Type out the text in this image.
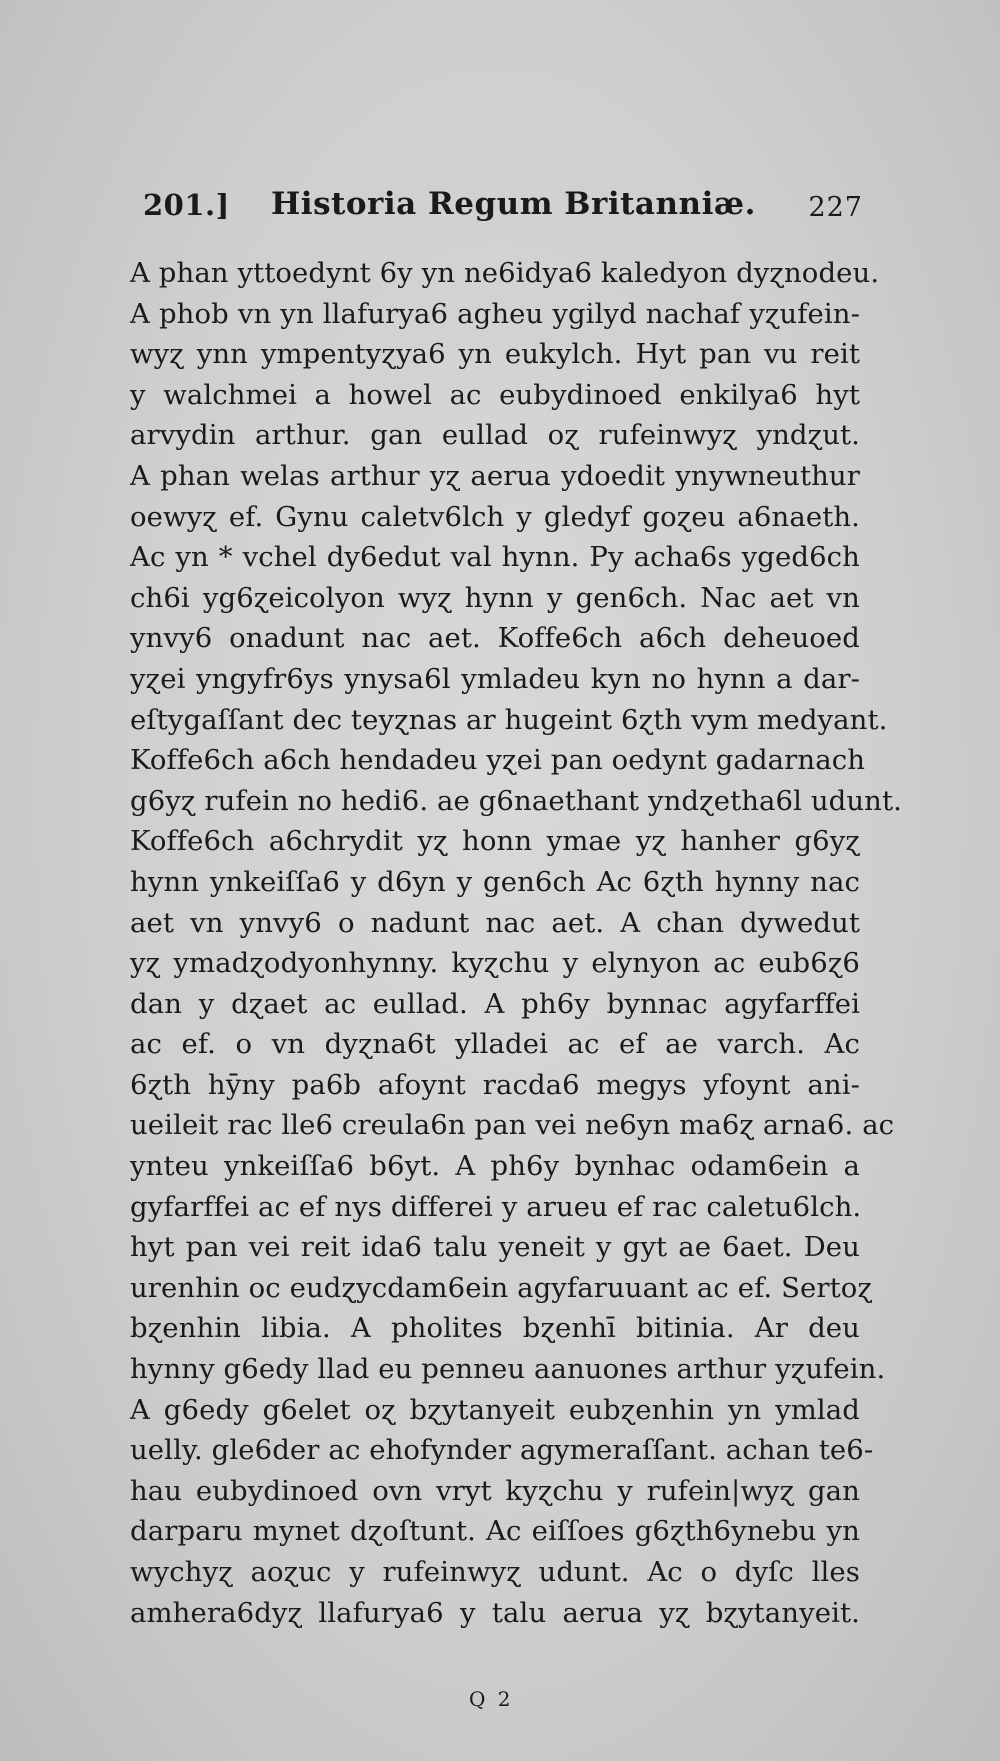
201.] Historia Regum Britanniæ. 227
A phan yttoedynt 6y yn ne6idya6 kaledyon dyɀnodeu.
A phob vn yn llafurya6 agheu ygilyd nachaf yɀufein-
wyɀ ynn ympentyɀya6 yn eukylch. Hyt pan vu reit
y walchmei a howel ac eubydinoed enkilya6 hyt
arvydin arthur. gan eullad oɀ rufeinwyɀ yndɀut.
A phan welas arthur yɀ aerua ydoedit ynywneuthur
oewyɀ ef. Gynu caletv6lch y gledyf goɀeu a6naeth.
Ac yn * vchel dy6edut val hynn. Py acha6s yged6ch
ch6i yg6ɀeicolyon wyɀ hynn y gen6ch. Nac aet vn
ynvy6 onadunt nac aet. Koffe6ch a6ch deheuoed
yɀei yngyfr6ys ynysa6l ymladeu kyn no hynn a dar-
eſtygaſſant dec teyɀnas ar hugeint 6ɀth vym medyant.
Koffe6ch a6ch hendadeu yɀei pan oedynt gadarnach
g6yɀ rufein no hedi6. ae g6naethant yndɀetha6l udunt.
Koffe6ch a6chrydit yɀ honn ymae yɀ hanher g6yɀ
hynn ynkeiſſa6 y d6yn y gen6ch Ac 6ɀth hynny nac
aet vn ynvy6 o nadunt nac aet. A chan dywedut
yɀ ymadɀodyonhynny. kyɀchu y elynyon ac eub6ɀ6
dan y dɀaet ac eullad. A ph6y bynnac agyfarffei
ac ef. o vn dyɀna6t ylladei ac ef ae varch. Ac
6ɀth hȳny pa6b afoynt racda6 megys yfoynt ani-
ueileit rac lle6 creula6n pan vei ne6yn ma6ɀ arna6. ac
ynteu ynkeiſſa6 b6yt. A ph6y bynhac odam6ein a
gyfarffei ac ef nys differei y arueu ef rac caletu6lch.
hyt pan vei reit ida6 talu yeneit y gyt ae 6aet. Deu
urenhin oc eudɀycdam6ein agyfaruuant ac ef. Sertoɀ
bɀenhin libia. A pholites bɀenhī bitinia. Ar deu
hynny g6edy llad eu penneu aanuones arthur yɀufein.
A g6edy g6elet oɀ bɀytanyeit eubɀenhin yn ymlad
uelly. gle6der ac ehofynder agymeraſſant. achan te6-
hau eubydinoed ovn vryt kyɀchu y rufein|wyɀ gan
darparu mynet dɀoſtunt. Ac eiſſoes g6ɀth6ynebu yn
wychyɀ aoɀuc y rufeinwyɀ udunt. Ac o dyſc lles
amhera6dyɀ llafurya6 y talu aerua yɀ bɀytanyeit.
Q 2
